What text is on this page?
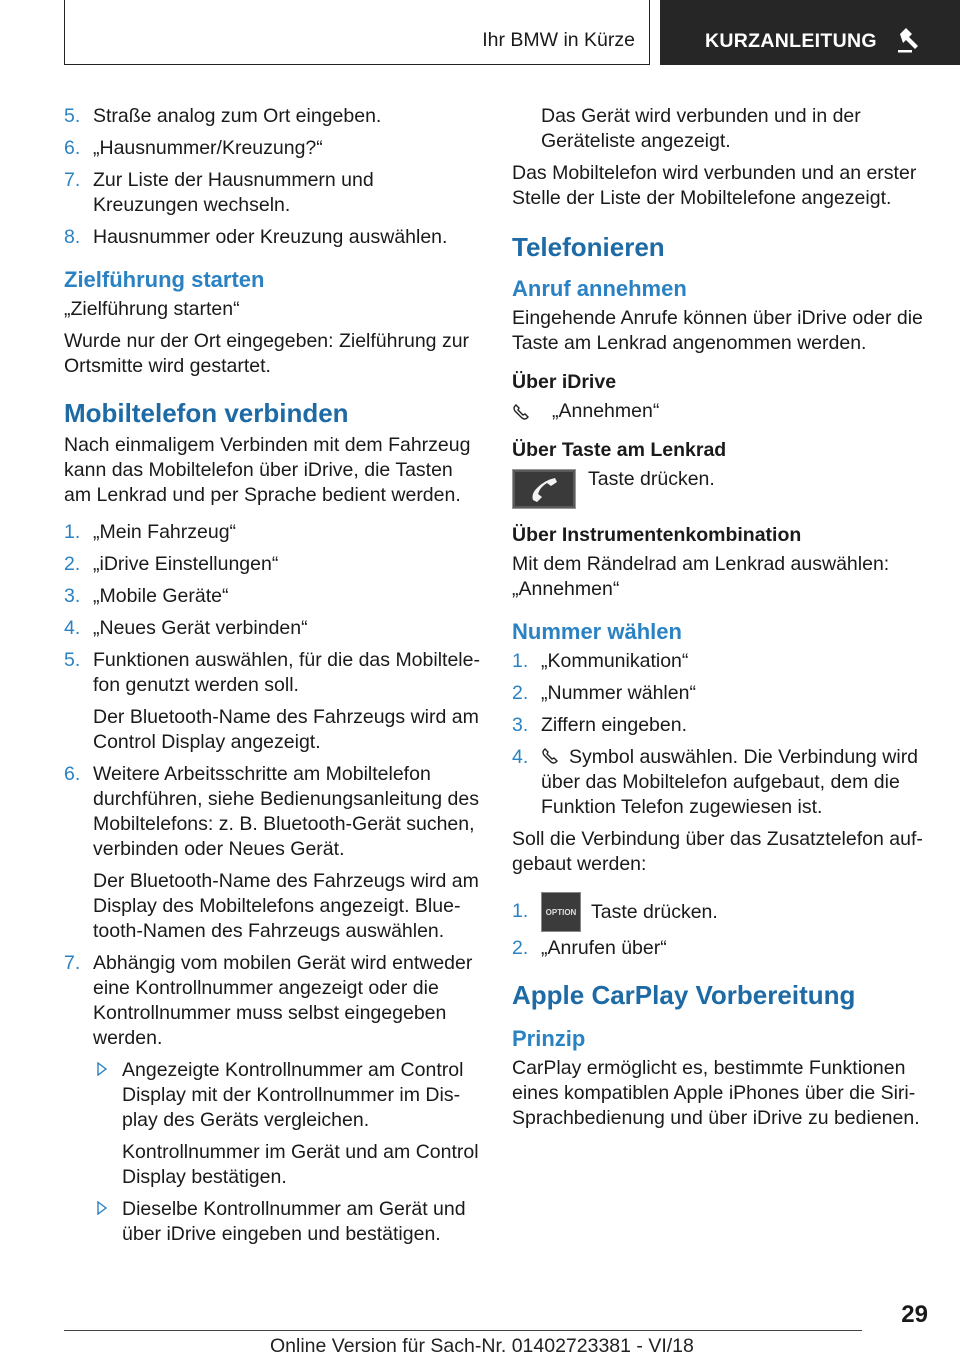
Ihr BMW in Kürze	KURZANLEITUNG
5. Straße analog zum Ort eingeben.
6. „Hausnummer/Kreuzung?“
7. Zur Liste der Hausnummern und Kreuzungen wechseln.
8. Hausnummer oder Kreuzung auswählen.
Zielführung starten

„Zielführung starten“

Wurde nur der Ort eingegeben: Zielführung zur Ortsmitte wird gestartet.

Mobiltelefon verbinden

Nach einmaligem Verbinden mit dem Fahrzeug kann das Mobiltelefon über iDrive, die Tasten am Lenkrad und per Sprache bedient werden.

1. „Mein Fahrzeug“
2. „iDrive Einstellungen“
3. „Mobile Geräte“
4. „Neues Gerät verbinden“
5. Funktionen auswählen, für die das Mobiltelefon genutzt werden soll.

Der Bluetooth-Name des Fahrzeugs wird am Control Display angezeigt.

6. Weitere Arbeitsschritte am Mobiltelefon durchführen, siehe Bedienungsanleitung des Mobiltelefons: z. B. Bluetooth-Gerät suchen, verbinden oder Neues Gerät.

Der Bluetooth-Name des Fahrzeugs wird am Display des Mobiltelefons angezeigt. Bluetooth-Namen des Fahrzeugs auswählen.

7. Abhängig vom mobilen Gerät wird entweder eine Kontrollnummer angezeigt oder die Kontrollnummer muss selbst eingegeben werden.
Angezeigte Kontrollnummer am Control Display mit der Kontrollnummer im Display des Geräts vergleichen.

Kontrollnummer im Gerät und am Control Display bestätigen.

Dieselbe Kontrollnummer am Gerät und über iDrive eingeben und bestätigen.

Das Gerät wird verbunden und in der Geräteliste angezeigt.

Das Mobiltelefon wird verbunden und an erster Stelle der Liste der Mobiltelefone angezeigt.

Telefonieren
Anruf annehmen

Eingehende Anrufe können über iDrive oder die Taste am Lenkrad angenommen werden.

Über iDrive
„Annehmen“
Über Taste am Lenkrad
Taste drücken.
Über Instrumentenkombination

Mit dem Rändelrad am Lenkrad auswählen: „Annehmen“

Nummer wählen
1. „Kommunikation“
2. „Nummer wählen“
3. Ziffern eingeben.
4. Symbol auswählen. Die Verbindung wird über das Mobiltelefon aufgebaut, dem die Funktion Telefon zugewiesen ist.

Soll die Verbindung über das Zusatztelefon aufgebaut werden:

1. OPTION Taste drücken.
2. „Anrufen über“
Apple CarPlay Vorbereitung
Prinzip

CarPlay ermöglicht es, bestimmte Funktionen eines kompatiblen Apple iPhones über die Siri-Sprachbedienung und über iDrive zu bedienen.

29
Online Version für Sach-Nr. 01402723381 - VI/18
